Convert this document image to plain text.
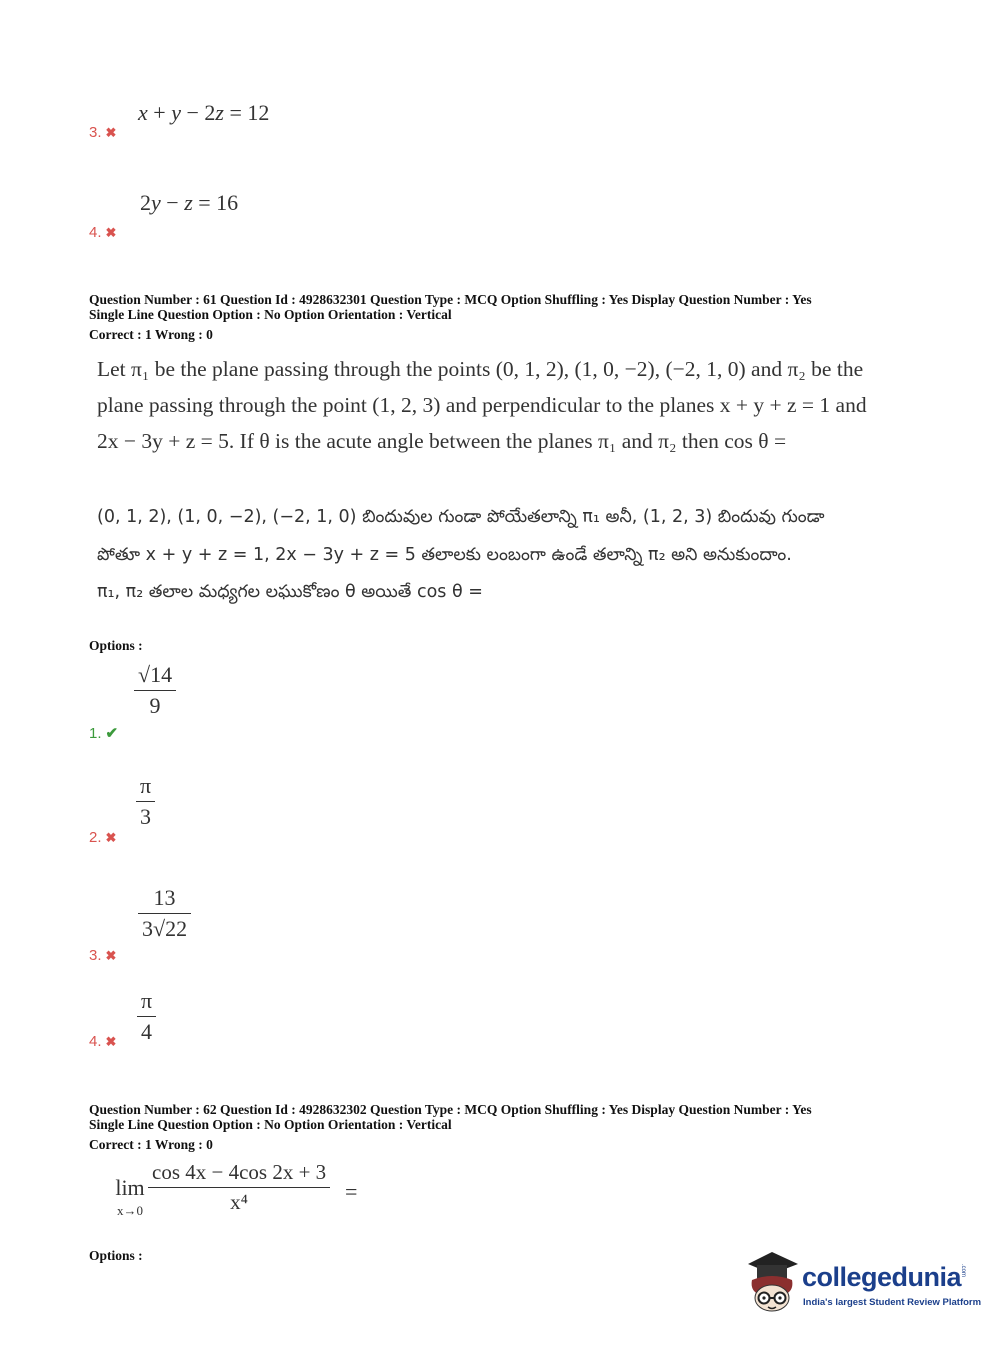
x + y − 2z = 12
3. ✖
2y − z = 16
4. ✖
Question Number : 61 Question Id : 4928632301 Question Type : MCQ Option Shuffling : Yes Display Question Number : Yes
Single Line Question Option : No Option Orientation : Vertical
Correct : 1 Wrong : 0
Let π₁ be the plane passing through the points (0, 1, 2), (1, 0, −2), (−2, 1, 0) and π₂ be the
plane passing through the point (1, 2, 3) and perpendicular to the planes x + y + z = 1 and
2x − 3y + z = 5. If θ is the acute angle between the planes π₁ and π₂ then cos θ =
(0, 1, 2), (1, 0, −2), (−2, 1, 0) బిందువుల గుండా పోయేతలాన్ని π₁ అనీ, (1, 2, 3) బిందువు గుండా
పోతూ x + y + z = 1, 2x − 3y + z = 5 తలాలకు లంబంగా ఉండే తలాన్ని π₂ అని అనుకుందాం.
π₁, π₂ తలాల మధ్యగల లఘుకోణం θ అయితే cos θ =
Options :
$\frac{√14}{9}$
1. ✔
$\frac{\pi}{3}$
2. ✖
$\frac{13}{3√22}$
3. ✖
$\frac{\pi}{4}$
4. ✖
Question Number : 62 Question Id : 4928632302 Question Type : MCQ Option Shuffling : Yes Display Question Number : Yes
Single Line Question Option : No Option Orientation : Vertical
Correct : 1 Wrong : 0
lim
$x\to 0 \frac{\cos 4x - 4\cos 2x + 3}{\text{x⁴}}$ =
Options :
collegedunia
.com
India's largest Student Review Platform
